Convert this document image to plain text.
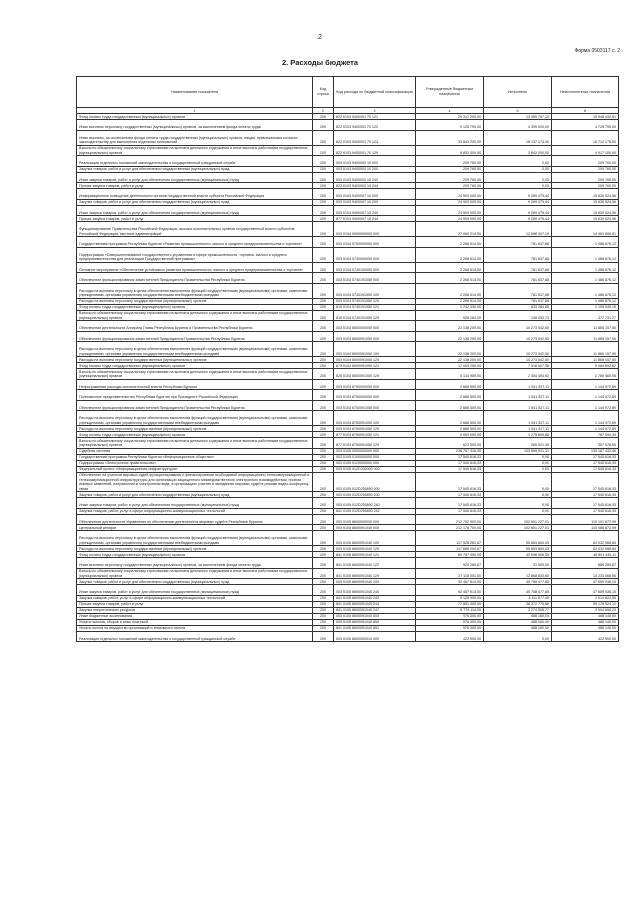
2
Форма 0503117 с. 2
2. Расходы бюджета
Наименование показателя	Код строки	Код расхода по бюджетной классификации	Утвержденные бюджетные назначения	Исполнено	Неисполненные назначения
1	2	3	4	5	6
Фонд оплаты труда государственных (муниципальных) органов	200	822 0103 9400001 70 121	29 312 200,00	13 365 767,19	15 946 432,81
Иные выплаты персоналу государственных (муниципальных) органов, за исключением фонда оплаты труда	200	822 0103 9400001 70 122	9 125 795,00	4 399 920,00	4 725 795,00
Иные выплаты, за исключением фонда оплаты труда государственных (муниципальных) органов, лицам, привлекаемым согласно законодательству для выполнения отдельных полномочий	200	822 0103 9400001 70 123	33 843 200,00	16 137 174,00	16 712 176,00
Взносы по обязательному социальному страхованию на выплаты денежного содержания и иные выплаты работникам государственных (муниципальных) органов	200	822 0103 9400001 70 129	8 852 300,50	3 842 200,00	4 917 100,00
Реализация отдельных положений законодательства о государственной гражданской службе	200	003 0103 9400002 10 000	209 760,00	0,00	209 760,00
Закупка товаров, работ и услуг для обеспечения государственных (муниципальных) нужд	200	003 0103 9400002 10 200	209 760,00	0,00	209 760,00
Иные закупки товаров, работ и услуг для обеспечения государственных (муниципальных) нужд	200	003 0103 9400002 10 240	209 760,00	0,00	209 760,00
Прочая закупка товаров, работ и услуг	200	822 0103 9400002 10 244	209 760,00	0,00	209 760,00
Информационное освещение деятельности органов государственной власти субъекта Российской Федерации	200	003 0103 9400007 10 000	24 900 000,00	9 269 475,44	15 630 524,56
Закупка товаров, работ и услуг для обеспечения государственных (муниципальных) нужд	200	003 0103 9400007 10 200	24 900 000,00	9 269 475,44	15 630 524,56
Иные закупки товаров, работ и услуг для обеспечения государственных (муниципальных) нужд	200	003 0103 9400007 10 240	24 900 000,00	9 269 475,44	15 630 524,56
Прочая закупка товаров, работ и услуг	200	877 0103 9400007 10 244	24 900 000,00	9 269 475,44	15 630 524,56
Функционирование Правительства Российской Федерации, высших исполнительных органов государственной власти субъектов Российской Федерации, местных администраций	200	003 0104 0000000000 000	27 060 214,00	12 596 407,19	14 463 806,81
Государственная программа Республики Бурятия «Развитие промышленности, малого и среднего предпринимательства и торговли»	200	003 0104 5700000000 000	2 268 514,00	781 637,88	1 486 876,12
Подпрограмма «Совершенствование государственного управления в сфере промышленности, торговли, малого и среднего предпринимательства для реализации Государственной программы»	200	003 0104 5740000000 000	2 268 514,00	781 637,88	1 486 876,12
Основное мероприятие «Обеспечение устойчивого развития промышленности, малого и среднего предпринимательства и торговли»	200	003 0104 5740100000 000	2 268 514,00	781 637,88	1 486 876,12
Обеспечение функционирования заместителей Председателя Правительства Республики Бурятия	200	003 0104 5740191050 000	2 268 514,00	781 637,88	1 486 876,12
Расходы на выплаты персоналу в целях обеспечения выполнения функций государственными (муниципальными) органами, казенными учреждениями, органами управления государственными внебюджетными фондами	200	003 0104 5740191050 100	2 268 514,00	781 637,88	1 486 876,12
Расходы на выплаты персоналу государственных (муниципальных) органов	200	003 0104 5740191050 120	2 268 514,00	781 637,88	1 486 876,12
Фонд оплаты труда государственных (муниципальных) органов	200	810 0104 5740191050 121	1 742 330,00	633 284,85	1 109 045,15
Взносы по обязательному социальному страхованию на выплаты денежного содержания и иные выплаты работникам государственных (муниципальных) органов	200	810 0104 5740191050 129	526 184,00	148 453,73	377 731,27
Обеспечение деятельности Аппарата Главы Республики Бурятия и Правительства Республики Бурятия	200	003 0104 8500000000 000	22 138 200,00	10 273 042,50	11 865 157,50
Обеспечение функционирования заместителей Председателя Правительства Республики Бурятия	200	003 0104 8500091050 000	22 138 200,00	10 273 042,50	11 865 157,50
Расходы на выплаты персоналу в целях обеспечения выполнения функций государственными (муниципальными) органами, казенными учреждениями, органами управления государственными внебюджетными фондами	200	003 0104 8500091050 100	22 138 200,00	10 273 042,50	11 865 157,50
Расходы на выплаты персоналу государственных (муниципальных) органов	200	003 0104 8500091050 120	22 138 200,00	10 273 042,50	11 865 157,50
Фонд оплаты труда государственных (муниципальных) органов	200	873 0104 8500091050 121	17 003 250,00	7 918 627,38	9 084 692,62
Взносы по обязательному социальному страхованию на выплаты денежного содержания и иные выплаты работникам государственных (муниципальных) органов	200	820 0104 8500091050 129	5 134 950,00	2 354 404,92	2 780 465,08
Непрограммные расходы исполнительной власти Республики Бурятия	200	003 0104 8700000000 000	2 686 500,00	1 541 527,11	1 144 972,89
Полномочное представительство Республики Бурятия при Президенте Российской Федерации	200	003 0104 8750000000 000	2 686 500,00	1 541 527,11	1 144 972,89
Обеспечение функционирования заместителей Председателя Правительства Республики Бурятия	200	003 0104 8750091050 000	2 686 500,00	1 541 527,11	1 144 972,89
Расходы на выплаты персоналу в целях обеспечения выполнения функций государственными (муниципальными) органами, казенными учреждениями, органами управления государственными внебюджетными фондами	200	003 0104 8750091050 100	2 686 500,00	1 541 527,11	1 144 972,89
Расходы на выплаты персоналу государственных (муниципальных) органов	200	003 0104 8750091050 120	2 686 500,00	1 541 527,11	1 144 972,89
Фонд оплаты труда государственных (муниципальных) органов	200	877 0104 8750091050 121	2 063 000,00	1 275 605,66	787 394,34
Взносы по обязательному социальному страхованию на выплаты денежного содержания и иные выплаты работникам государственных (муниципальных) органов	200	877 0104 8750091050 129	623 500,00	265 921,45	357 578,55
Судебная система	200	003 0105 0000000000 000	236 757 316,35	103 569 921,31	133 187 432,46
Государственная программа Республики Бурятия «Информационное общество»	200	003 0105 0100000000 000	17 545 616,33	0,00	17 545 616,33
Подпрограмма «Электронное правительство»	200	003 0105 0120000000 000	17 545 616,33	0,00	17 545 616,33
Федеральный проект «Информационная инфраструктура»	200	003 0105 012D200000 000	17 545 616,33	0,00	17 545 616,33
Обеспечение на участков мировых судей функционирования и финансирования необходимой информационно-телекоммуникационной и телекоммуникационной инфраструктуры для организации защищенного межведомственного электронного взаимодействия, приема исковых заявлений, направления в электронном виде, в организациях участия в заседаниях мировых судей в режиме видео-конференц-связи	200	003 0105 012D255890 000	17 545 616,33	0,00	17 545 616,33
Закупка товаров, работ и услуг для обеспечения государственных (муниципальных) нужд	200	003 0105 012D255890 200	17 545 616,33	0,00	17 545 616,33
Иные закупки товаров, работ и услуг для обеспечения государственных (муниципальных) нужд	200	003 0105 012D255890 240	17 545 616,33	0,00	17 545 616,33
Закупка товаров, работ, услуг в сфере информационно-коммуникационных технологий	200	841 0105 012D255890 242	17 545 616,33	0,00	17 545 616,33
Обеспечение деятельности Управления по обеспечению деятельности мировых судей в Республике Бурятия	200	003 0105 8600000000 000	212 752 900,00	102 651 227,01	110 101 672,99
Центральный аппарат	200	003 0105 8600091040 000	212 176 700,00	102 651 227,01	110 088 872,99
Расходы на выплаты персоналу в целях обеспечения выполнения функций государственными (муниципальными) органами, казенными учреждениями, органами управления государственными внебюджетными фондами	200	003 0105 8600091040 100	117 526 281,67	55 653 800,03	62 032 068,84
Расходы на выплаты персоналу государственных (муниципальных) органов	200	003 0105 8600091040 120	117 686 200,67	55 653 800,03	62 032 088,84
Фонд оплаты труда государственных (муниципальных) органов	200	841 0105 8600091040 121	89 797 450,00	42 096 006,39	46 801 445,11
Иные выплаты персоналу государственных (муниципальных) органов, за исключением фонда оплаты труда	200	841 0105 8600091040 122	920 285,67	31 000,00	889 285,67
Взносы по обязательному социальному страхованию на выплаты денежного содержания и иные выплаты работникам государственных (муниципальных) органов	200	841 0105 8600091040 129	27 118 051,00	12 868 533,60	14 233 068,06
Закупка товаров, работ и услуг для обеспечения государственных (муниципальных) нужд	200	003 0105 8600091040 200	92 457 514,00	45 758 477,88	47 659 036,15
Иные закупки товаров, работ и услуг для обеспечения государственных (муниципальных) нужд	200	003 0105 8600091040 240	92 457 514,00	45 758 477,88	47 659 036,15
Закупка товаров, работ, услуг в сфере информационно-коммуникационных технологий	200	841 0105 8600091040 242	5 125 900,00	4 111 077,45	1 014 822,55
Прочая закупка товаров, работ и услуг	200	841 0105 8600091040 244	77 551 300,00	38 372 775,88	39 178 524,12
Закупка энергетических ресурсов	200	841 0105 8600091040 247	6 779 114,00	3 274 505,77	3 504 608,23
Иные бюджетные ассигнования	200	003 0105 8600091040 800	976 300,00	488 160,00	488 140,00
Уплата налогов, сборов и иных платежей	200	003 0105 8600091040 850	976 300,00	488 160,00	488 140,00
Уплата налога на имущество организаций и земельного налога	200	841 0105 8600091040 851	976 300,00	488 160,00	488 140,00
Реализация отдельных положений законодательства о государственной гражданской службе	200	003 0105 8600092010 000	422 900,00	0,00	422 900,00
